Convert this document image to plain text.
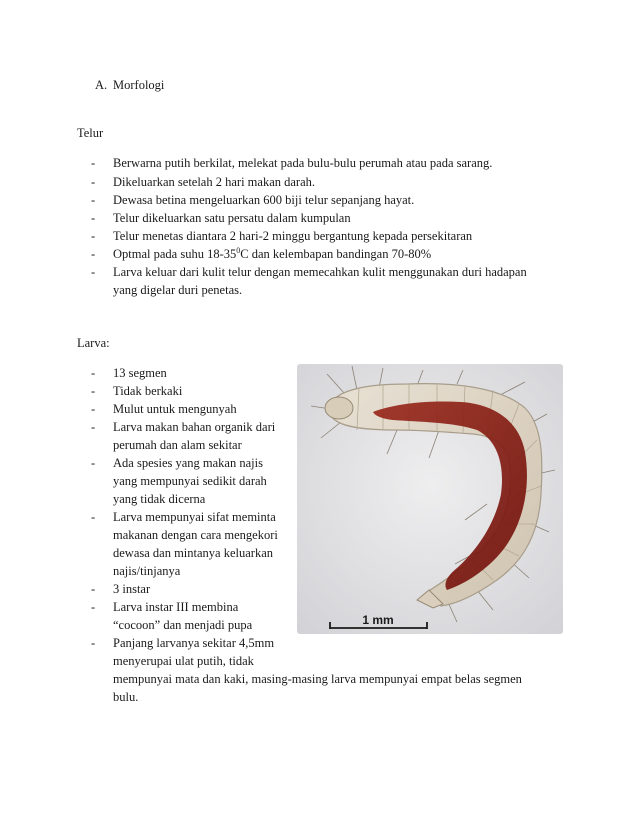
A. Morfologi
Telur
- Berwarna putih berkilat, melekat pada bulu-bulu perumah atau pada sarang.
- Dikeluarkan setelah 2 hari makan darah.
- Dewasa betina mengeluarkan 600 biji telur sepanjang hayat.
- Telur dikeluarkan satu persatu dalam kumpulan
- Telur menetas diantara 2 hari-2 minggu bergantung kepada persekitaran
- Optmal pada suhu $18-35^0C$ dan kelembapan bandingan 70-80%
- Larva keluar dari kulit telur dengan memecahkan kulit menggunakan duri hadapan
yang digelar duri penetas.
Larva:
- 13 segmen
- Tidak berkaki
- Mulut untuk mengunyah
- Larva makan bahan organik dari
perumah dan alam sekitar
- Ada spesies yang makan najis
yang mempunyai sedikit darah
yang tidak dicerna
- Larva mempunyai sifat meminta
makanan dengan cara mengekori
dewasa dan mintanya keluarkan
najis/tinjanya
- 3 instar
- Larva instar III membina
“cocoon” dan menjadi pupa
- Panjang larvanya sekitar 4,5mm
menyerupai ulat putih, tidak
mempunyai mata dan kaki, masing-masing larva mempunyai empat belas segmen
bulu.
1 mm
